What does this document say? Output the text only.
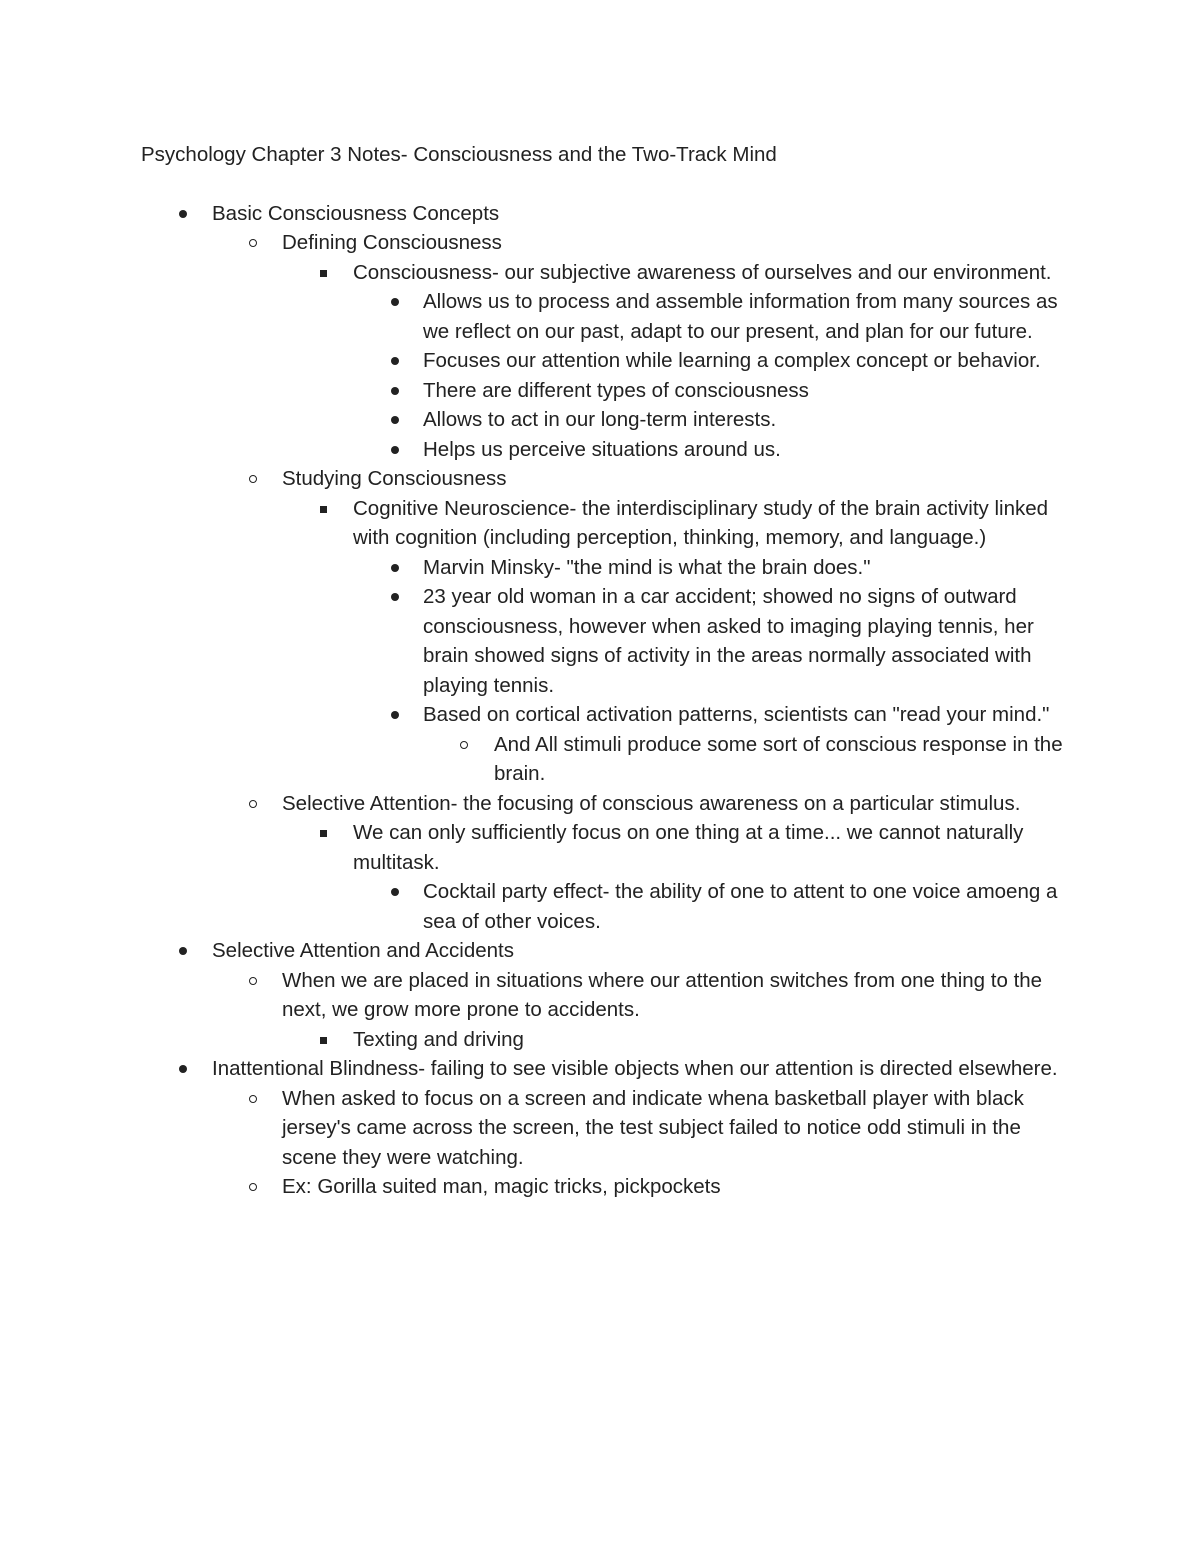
Psychology Chapter 3 Notes- Consciousness and the Two-Track Mind
Basic Consciousness Concepts
Defining Consciousness
Consciousness- our subjective awareness of ourselves and our environment.
Allows us to process and assemble information from many sources as we reflect on our past, adapt to our present, and plan for our future.
Focuses our attention while learning a complex concept or behavior.
There are different types of consciousness
Allows to act in our long-term interests.
Helps us perceive situations around us.
Studying Consciousness
Cognitive Neuroscience- the interdisciplinary study of the brain activity linked with cognition (including perception, thinking, memory, and language.)
Marvin Minsky- "the mind is what the brain does."
23 year old woman in a car accident; showed no signs of outward consciousness, however when asked to imaging playing tennis, her brain showed signs of activity in the areas normally associated with playing tennis.
Based on cortical activation patterns, scientists can "read your mind."
And All stimuli produce some sort of conscious response in the brain.
Selective Attention- the focusing of conscious awareness on a particular stimulus.
We can only sufficiently focus on one thing at a time... we cannot naturally multitask.
Cocktail party effect- the ability of one to attent to one voice amoeng a sea of other voices.
Selective Attention and Accidents
When we are placed in situations where our attention switches from one thing to the next, we grow more prone to accidents.
Texting and driving
Inattentional Blindness- failing to see visible objects when our attention is directed elsewhere.
When asked to focus on a screen and indicate whena basketball player with black jersey's came across the screen, the test subject failed to notice odd stimuli in the scene they were watching.
Ex: Gorilla suited man, magic tricks, pickpockets
